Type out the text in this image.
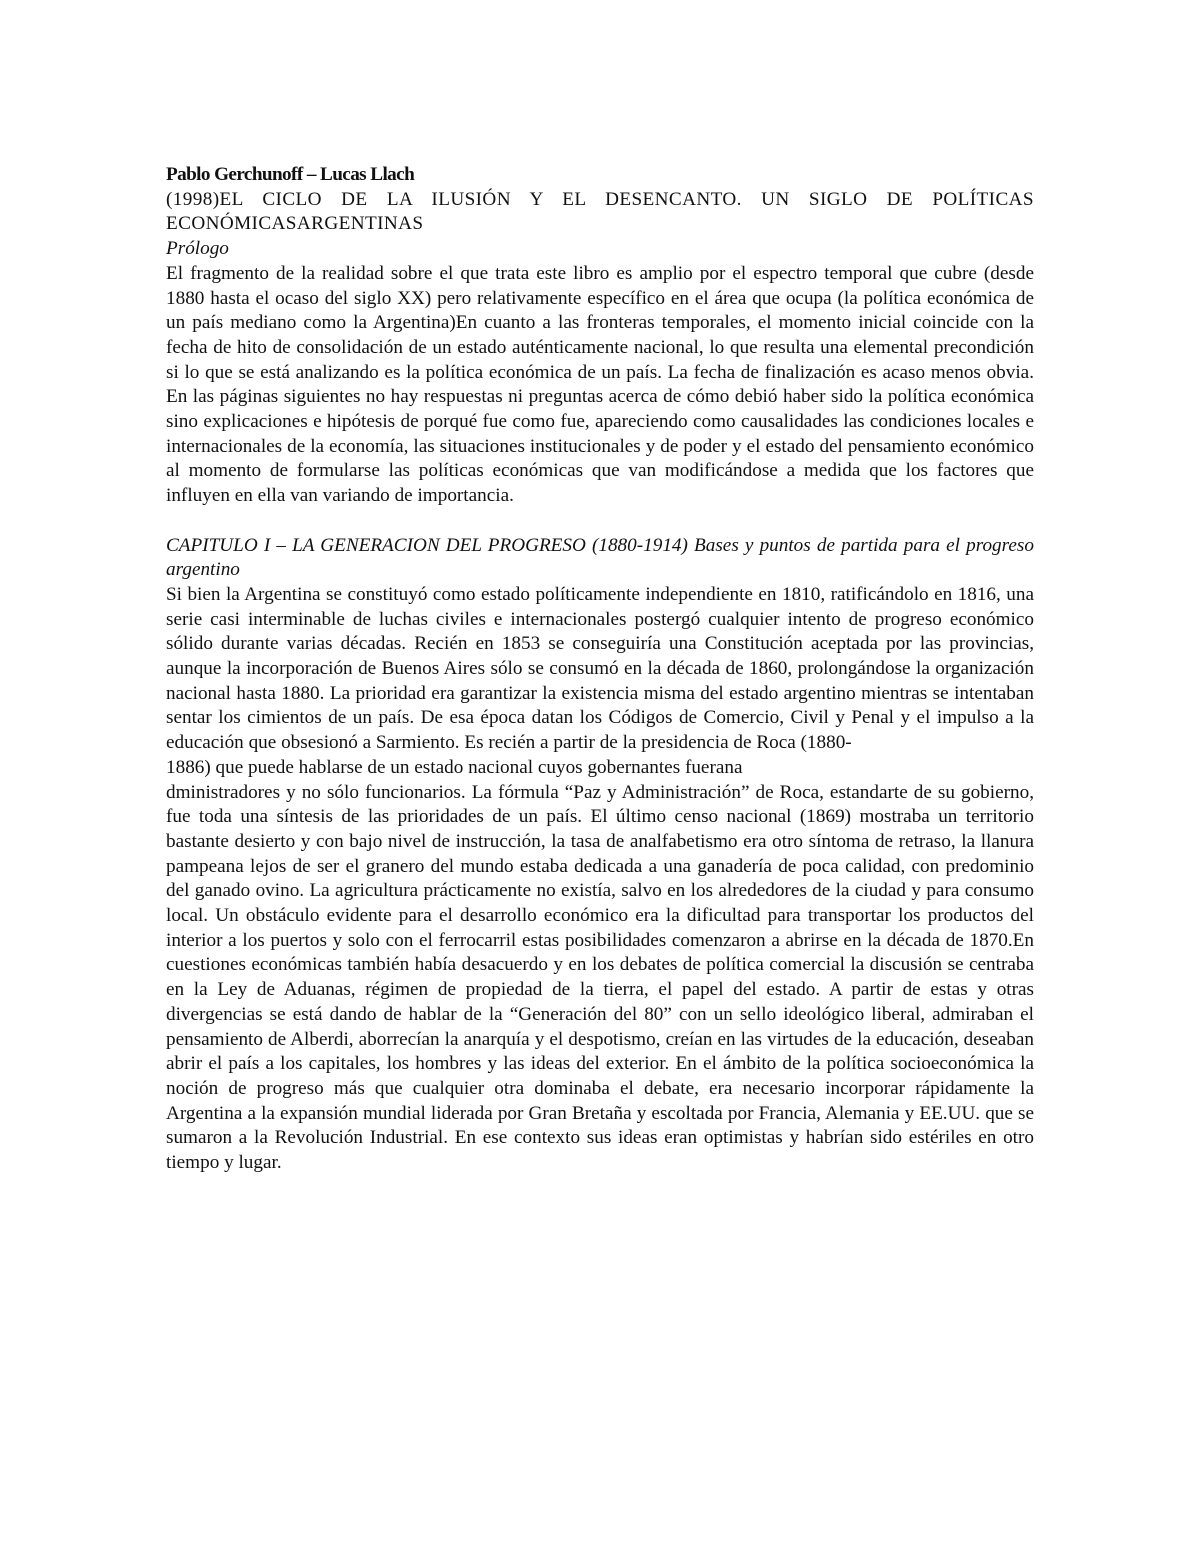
Pablo Gerchunoff – Lucas Llach

(1998)EL CICLO DE LA ILUSIÓN Y EL DESENCANTO. UN SIGLO DE POLÍTICAS ECONÓMICASARGENTINAS

Prólogo

El fragmento de la realidad sobre el que trata este libro es amplio por el espectro temporal que cubre (desde 1880 hasta el ocaso del siglo XX) pero relativamente específico en el área que ocupa (la política económica de un país mediano como la Argentina)En cuanto a las fronteras temporales, el momento inicial coincide con la fecha de hito de consolidación de un estado auténticamente nacional, lo que resulta una elemental precondición si lo que se está analizando es la política económica de un país. La fecha de finalización es acaso menos obvia. En las páginas siguientes no hay respuestas ni preguntas acerca de cómo debió haber sido la política económica sino explicaciones e hipótesis de porqué fue como fue, apareciendo como causalidades las condiciones locales e internacionales de la economía, las situaciones institucionales y de poder y el estado del pensamiento económico al momento de formularse las políticas económicas que van modificándose a medida que los factores que influyen en ella van variando de importancia.

CAPITULO I – LA GENERACION DEL PROGRESO (1880-1914) Bases y puntos de partida para el progreso argentino

Si bien la Argentina se constituyó como estado políticamente independiente en 1810, ratificándolo en 1816, una serie casi interminable de luchas civiles e internacionales postergó cualquier intento de progreso económico sólido durante varias décadas. Recién en 1853 se conseguiría una Constitución aceptada por las provincias, aunque la incorporación de Buenos Aires sólo se consumó en la década de 1860, prolongándose la organización nacional hasta 1880. La prioridad era garantizar la existencia misma del estado argentino mientras se intentaban sentar los cimientos de un país. De esa época datan los Códigos de Comercio, Civil y Penal y el impulso a la educación que obsesionó a Sarmiento. Es recién a partir de la presidencia de Roca (1880-

1886) que puede hablarse de un estado nacional cuyos gobernantes fuerana

dministradores y no sólo funcionarios. La fórmula “Paz y Administración” de Roca, estandarte de su gobierno, fue toda una síntesis de las prioridades de un país. El último censo nacional (1869) mostraba un territorio bastante desierto y con bajo nivel de instrucción, la tasa de analfabetismo era otro síntoma de retraso, la llanura pampeana lejos de ser el granero del mundo estaba dedicada a una ganadería de poca calidad, con predominio del ganado ovino. La agricultura prácticamente no existía, salvo en los alrededores de la ciudad y para consumo local. Un obstáculo evidente para el desarrollo económico era la dificultad para transportar los productos del interior a los puertos y solo con el ferrocarril estas posibilidades comenzaron a abrirse en la década de 1870.En cuestiones económicas también había desacuerdo y en los debates de política comercial la discusión se centraba en la Ley de Aduanas, régimen de propiedad de la tierra, el papel del estado. A partir de estas y otras divergencias se está dando de hablar de la “Generación del 80” con un sello ideológico liberal, admiraban el pensamiento de Alberdi, aborrecían la anarquía y el despotismo, creían en las virtudes de la educación, deseaban abrir el país a los capitales, los hombres y las ideas del exterior. En el ámbito de la política socioeconómica la noción de progreso más que cualquier otra dominaba el debate, era necesario incorporar rápidamente la Argentina a la expansión mundial liderada por Gran Bretaña y escoltada por Francia, Alemania y EE.UU. que se sumaron a la Revolución Industrial. En ese contexto sus ideas eran optimistas y habrían sido estériles en otro tiempo y lugar.
